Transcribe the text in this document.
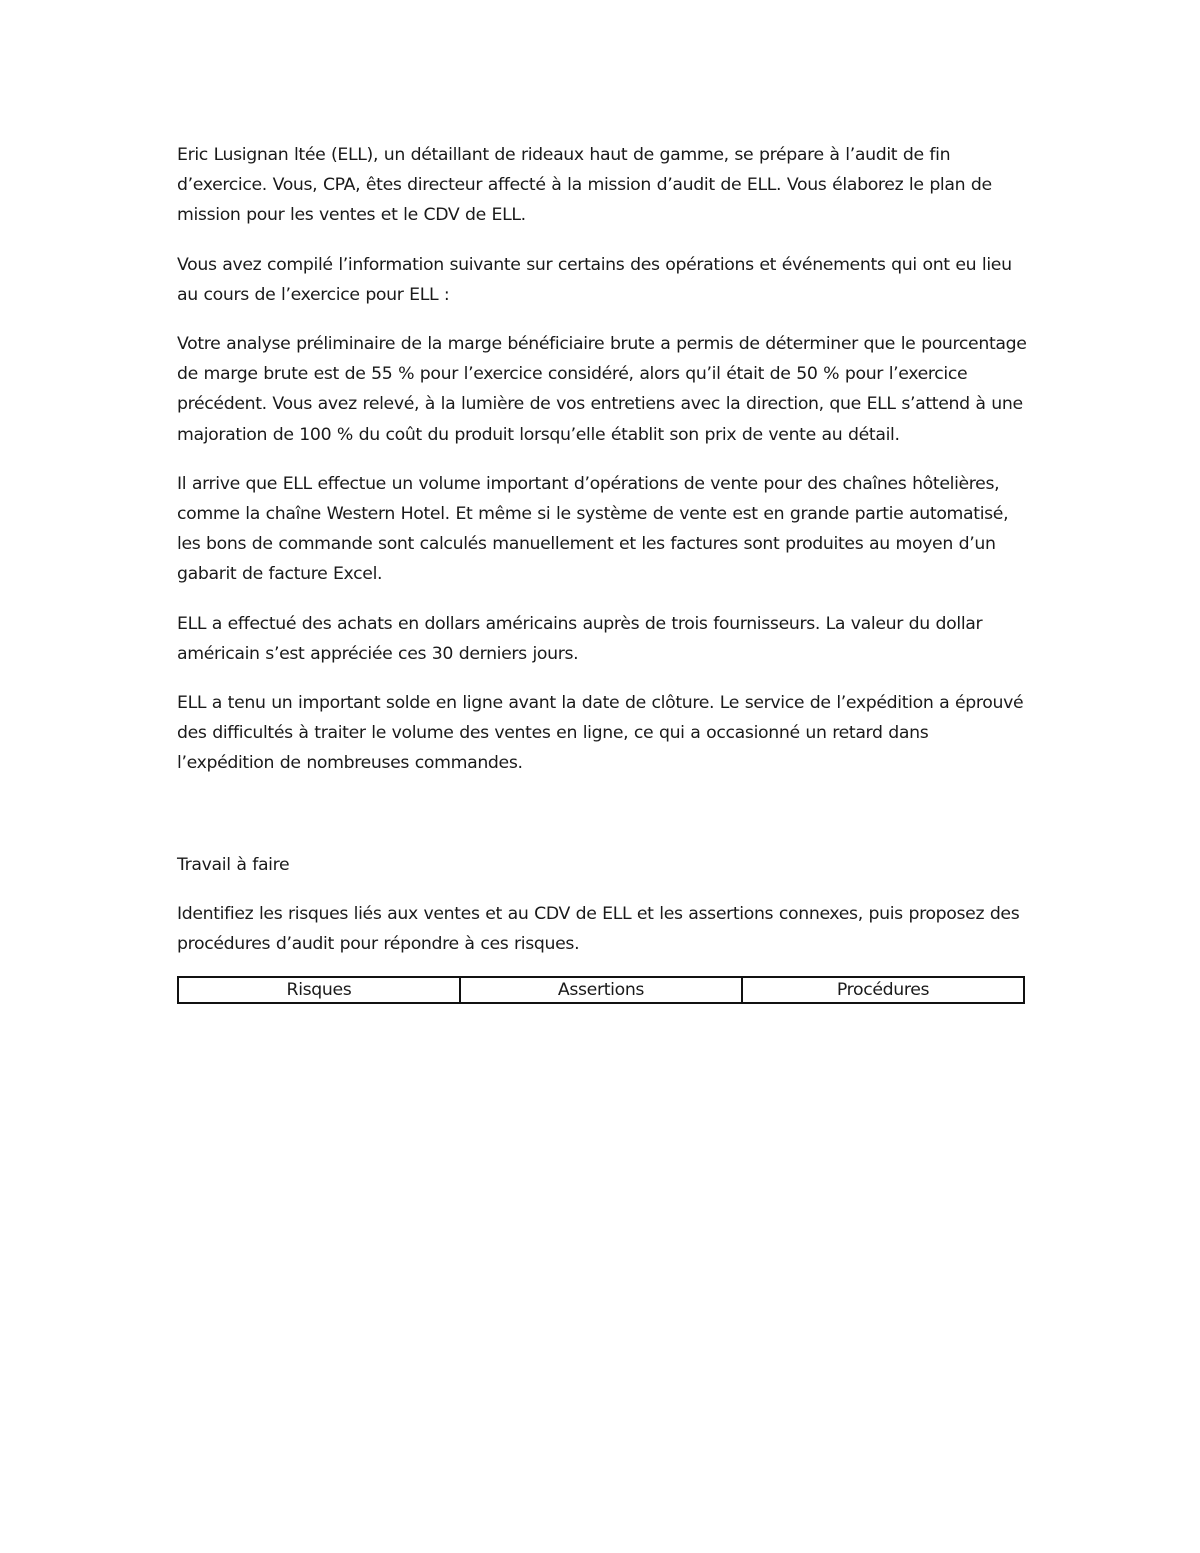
Eric Lusignan ltée (ELL), un détaillant de rideaux haut de gamme, se prépare à l’audit de fin d’exercice. Vous, CPA, êtes directeur affecté à la mission d’audit de ELL. Vous élaborez le plan de mission pour les ventes et le CDV de ELL.

Vous avez compilé l’information suivante sur certains des opérations et événements qui ont eu lieu au cours de l’exercice pour ELL :

Votre analyse préliminaire de la marge bénéficiaire brute a permis de déterminer que le pourcentage de marge brute est de 55 % pour l’exercice considéré, alors qu’il était de 50 % pour l’exercice précédent. Vous avez relevé, à la lumière de vos entretiens avec la direction, que ELL s’attend à une majoration de 100 % du coût du produit lorsqu’elle établit son prix de vente au détail.

Il arrive que ELL effectue un volume important d’opérations de vente pour des chaînes hôtelières, comme la chaîne Western Hotel. Et même si le système de vente est en grande partie automatisé, les bons de commande sont calculés manuellement et les factures sont produites au moyen d’un gabarit de facture Excel.

ELL a effectué des achats en dollars américains auprès de trois fournisseurs. La valeur du dollar américain s’est appréciée ces 30 derniers jours.

ELL a tenu un important solde en ligne avant la date de clôture. Le service de l’expédition a éprouvé des difficultés à traiter le volume des ventes en ligne, ce qui a occasionné un retard dans l’expédition de nombreuses commandes.

Travail à faire

Identifiez les risques liés aux ventes et au CDV de ELL et les assertions connexes, puis proposez des procédures d’audit pour répondre à ces risques.

Risques	Assertions	Procédures
